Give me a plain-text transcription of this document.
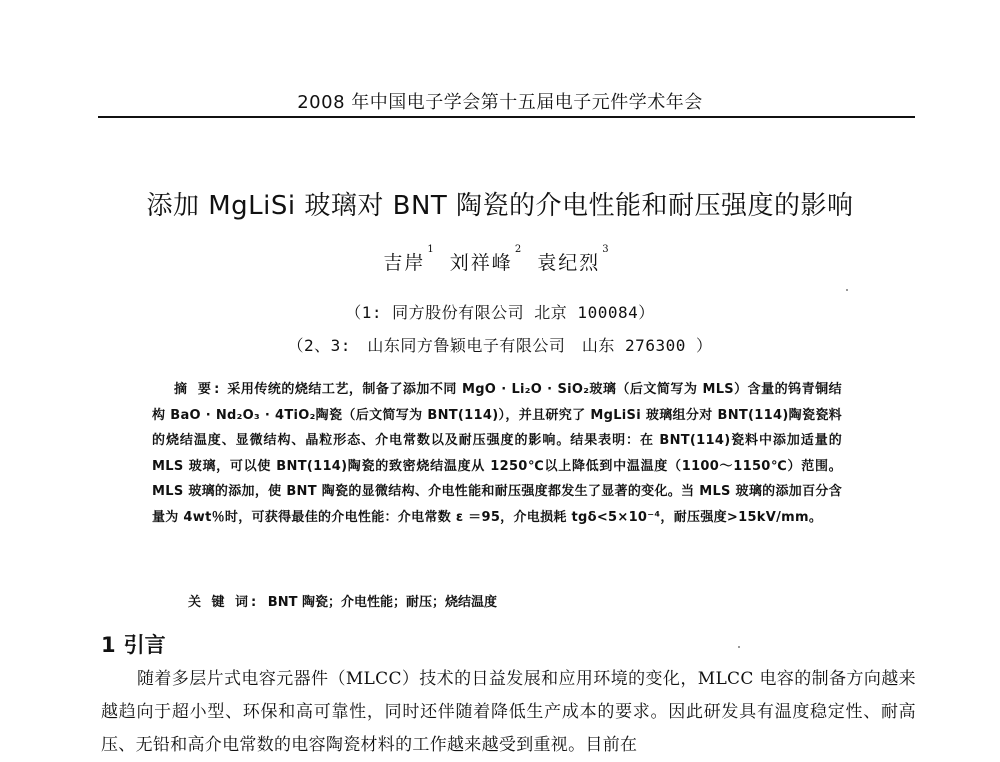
2008 年中国电子学会第十五届电子元件学术年会
添加 MgLiSi 玻璃对 BNT 陶瓷的介电性能和耐压强度的影响
吉岸$^1$ 刘祥峰$^2$ 袁纪烈$^3$
（1: 同方股份有限公司 北京 100084）
（2、3:　山东同方鲁颖电子有限公司　山东 276300 ）
摘 要: 采用传统的烧结工艺，制备了添加不同 MgO · Li₂O · SiO₂玻璃（后文简写为 MLS）含量的钨青铜结构 BaO · Nd₂O₃ · 4TiO₂陶瓷（后文简写为 BNT(114)），并且研究了 MgLiSi 玻璃组分对 BNT(114)陶瓷瓷料的烧结温度、显微结构、晶粒形态、介电常数以及耐压强度的影响。结果表明：在 BNT(114)瓷料中添加适量的 MLS 玻璃，可以使 BNT(114)陶瓷的致密烧结温度从 1250℃以上降低到中温温度（1100～1150℃）范围。MLS 玻璃的添加，使 BNT 陶瓷的显微结构、介电性能和耐压强度都发生了显著的变化。当 MLS 玻璃的添加百分含量为 4wt％时，可获得最佳的介电性能：介电常数 ε ＝95，介电损耗 tgδ<5×10⁻⁴，耐压强度>15kV/mm。
关 键 词: BNT 陶瓷；介电性能；耐压；烧结温度
1 引言
随着多层片式电容元器件（MLCC）技术的日益发展和应用环境的变化，MLCC 电容的制备方向越来越趋向于超小型、环保和高可靠性，同时还伴随着降低生产成本的要求。因此研发具有温度稳定性、耐高压、无铅和高介电常数的电容陶瓷材料的工作越来越受到重视。目前在
